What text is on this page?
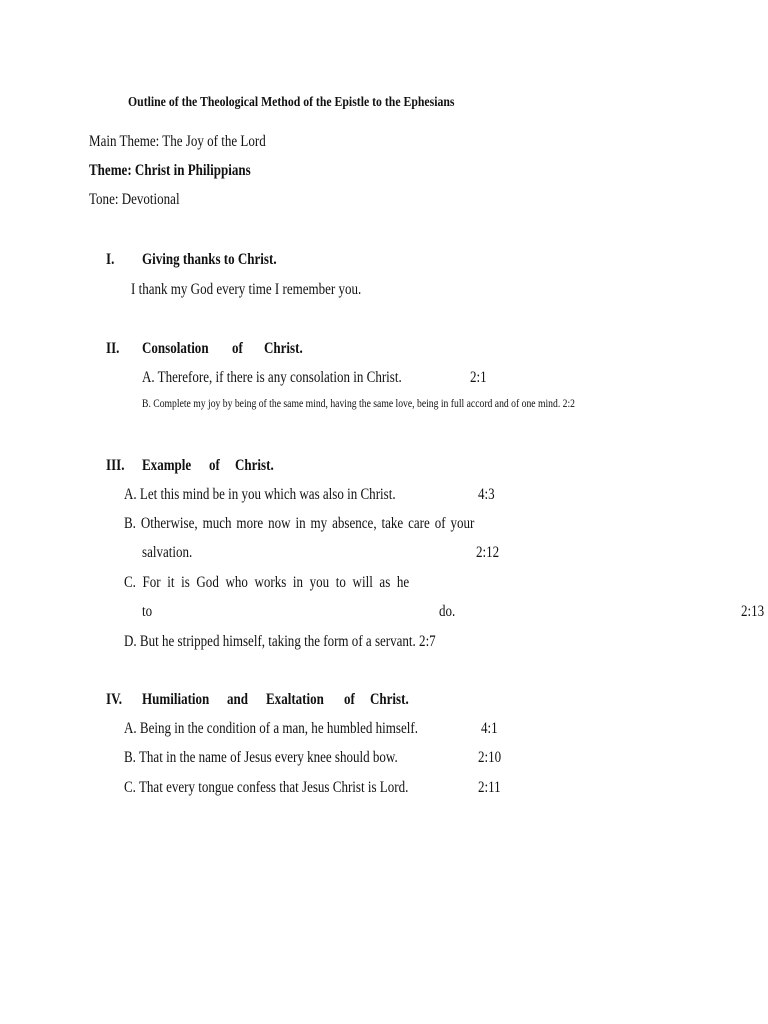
Outline of the Theological Method of the Epistle to the Ephesians
Main Theme: The Joy of the Lord
Theme: Christ in Philippians
Tone: Devotional
I. Giving thanks to Christ.
I thank my God every time I remember you.
II. Consolation of Christ.
A. Therefore, if there is any consolation in Christ.	2:1
B. Complete my joy by being of the same mind, having the same love, being in full accord and of one mind. 2:2
III. Example of Christ.
A. Let this mind be in you which was also in Christ.	4:3
B. Otherwise, much more now in my absence, take care of your
salvation.	2:12
C. For it is God who works in you to will as he
to	do.	2:13
D. But he stripped himself, taking the form of a servant. 2:7
IV. Humiliation and Exaltation of Christ.
A. Being in the condition of a man, he humbled himself.	4:1
B. That in the name of Jesus every knee should bow.	2:10
C. That every tongue confess that Jesus Christ is Lord.	2:11
